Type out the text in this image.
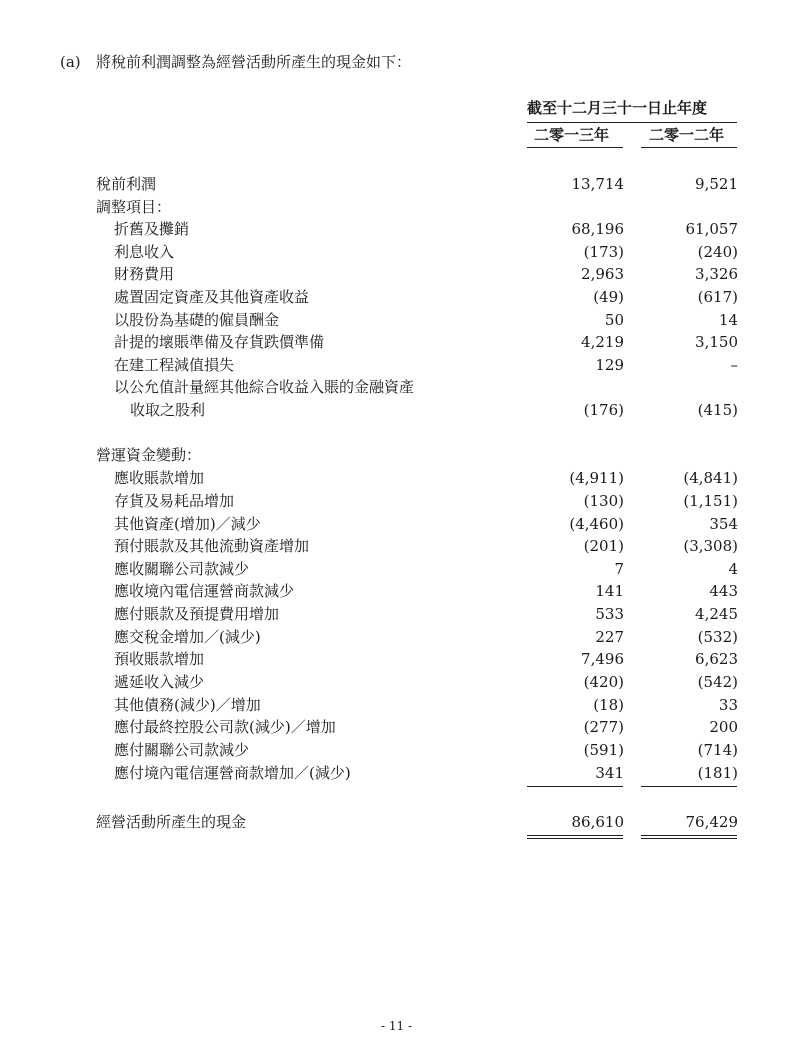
(a) 將稅前利潤調整為經營活動所產生的現金如下：
截至十二月三十一日止年度
二零一三年	二零一二年
稅前利潤	13,714	9,521
調整項目：
折舊及攤銷	68,196	61,057
利息收入	(173)	(240)
財務費用	2,963	3,326
處置固定資產及其他資產收益	(49)	(617)
以股份為基礎的僱員酬金	50	14
計提的壞賬準備及存貨跌價準備	4,219	3,150
在建工程減值損失	129	–
以公允值計量經其他綜合收益入賬的金融資產
收取之股利	(176)	(415)
營運資金變動：
應收賬款增加	(4,911)	(4,841)
存貨及易耗品增加	(130)	(1,151)
其他資產(增加)／減少	(4,460)	354
預付賬款及其他流動資產增加	(201)	(3,308)
應收關聯公司款減少	7	4
應收境內電信運營商款減少	141	443
應付賬款及預提費用增加	533	4,245
應交稅金增加／(減少)	227	(532)
預收賬款增加	7,496	6,623
遞延收入減少	(420)	(542)
其他債務(減少)／增加	(18)	33
應付最終控股公司款(減少)／增加	(277)	200
應付關聯公司款減少	(591)	(714)
應付境內電信運營商款增加／(減少)	341	(181)
經營活動所產生的現金	86,610	76,429
- 11 -
